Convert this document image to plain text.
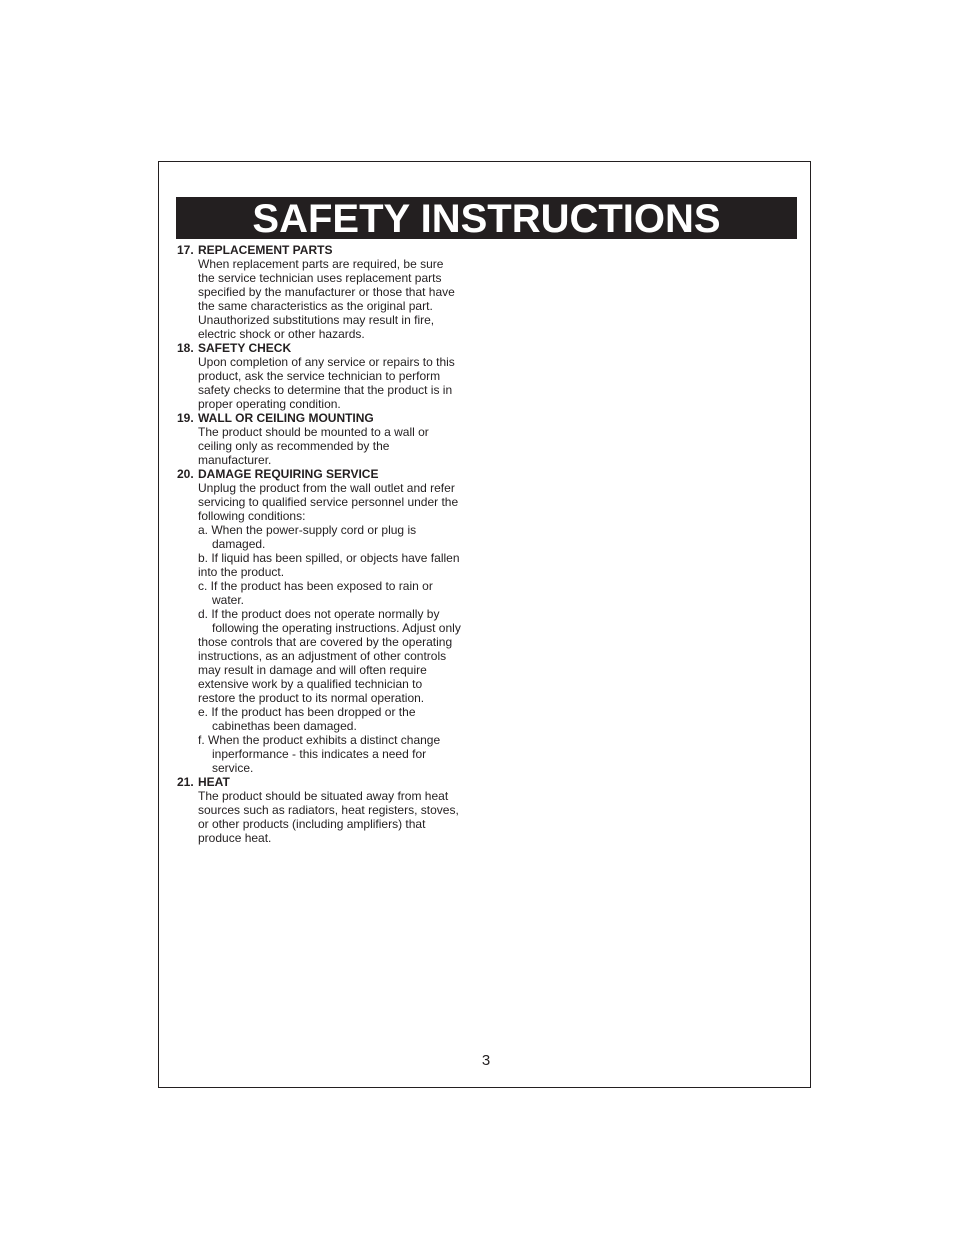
SAFETY INSTRUCTIONS
17. REPLACEMENT PARTS
When replacement parts are required, be sure
the service technician uses replacement parts
specified by the manufacturer or those that have
the same characteristics as the original part.
Unauthorized substitutions may result in fire,
electric shock or other hazards.
18. SAFETY CHECK
Upon completion of any service or repairs to this
product, ask the service technician to perform
safety checks to determine that the product is in
proper operating condition.
19. WALL OR CEILING MOUNTING
The product should be mounted to a wall or
ceiling only as recommended by the
manufacturer.
20. DAMAGE REQUIRING SERVICE
Unplug the product from the wall outlet and refer
servicing to qualified service personnel under the
following conditions:
a. When the power-supply cord or plug is
damaged.
b. If liquid has been spilled, or objects have fallen
into the product.
c. If the product has been exposed to rain or
water.
d. If the product does not operate normally by
following the operating instructions. Adjust only
those controls that are covered by the operating
instructions, as an adjustment of other controls
may result in damage and will often require
extensive work by a qualified technician to
restore the product to its normal operation.
e. If the product has been dropped or the
cabinethas been damaged.
f. When the product exhibits a distinct change
inperformance - this indicates a need for
service.
21. HEAT
The product should be situated away from heat
sources such as radiators, heat registers, stoves,
or other products (including amplifiers) that
produce heat.
3
